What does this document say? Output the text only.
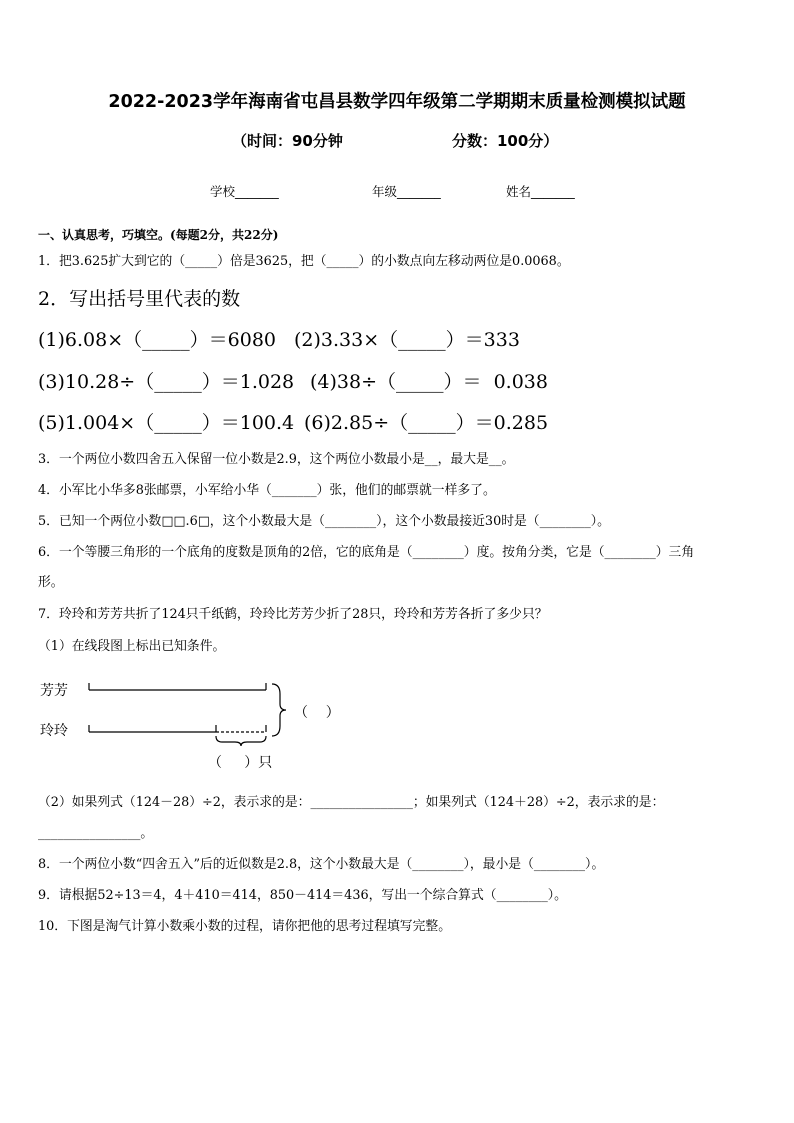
2022-2023学年海南省屯昌县数学四年级第二学期期末质量检测模拟试题
（时间：90分钟	分数：100分）
学校_______	年级_______	姓名_______
一、认真思考，巧填空。(每题2分，共22分)
1．把3.625扩大到它的（_____）倍是3625，把（_____）的小数点向左移动两位是0.0068。
2．写出括号里代表的数
(1)6.08×（_____）＝6080 (2)3.33×（_____）＝333
(3)10.28÷（_____）＝1.028 (4)38÷（_____）＝  0.038
(5)1.004×（_____）＝100.4 (6)2.85÷（_____）＝0.285
3．一个两位小数四舍五入保留一位小数是2.9，这个两位小数最小是__，最大是__。
4．小军比小华多8张邮票，小军给小华（_______）张，他们的邮票就一样多了。
5．已知一个两位小数□□.6□，这个小数最大是（________），这个小数最接近30时是（________）。
6．一个等腰三角形的一个底角的度数是顶角的2倍，它的底角是（________）度。按角分类，它是（________）三角
形。
7．玲玲和芳芳共折了124只千纸鹤，玲玲比芳芳少折了28只，玲玲和芳芳各折了多少只？
（1）在线段图上标出已知条件。

芳芳

玲玲

（    ）

（     ）只

（2）如果列式（124－28）÷2，表示求的是：________________；如果列式（124＋28）÷2，表示求的是：
________________。
8．一个两位小数“四舍五入”后的近似数是2.8，这个小数最大是（________），最小是（________）。
9．请根据52÷13＝4，4＋410＝414，850－414＝436，写出一个综合算式（________）。
10．下图是淘气计算小数乘小数的过程，请你把他的思考过程填写完整。
